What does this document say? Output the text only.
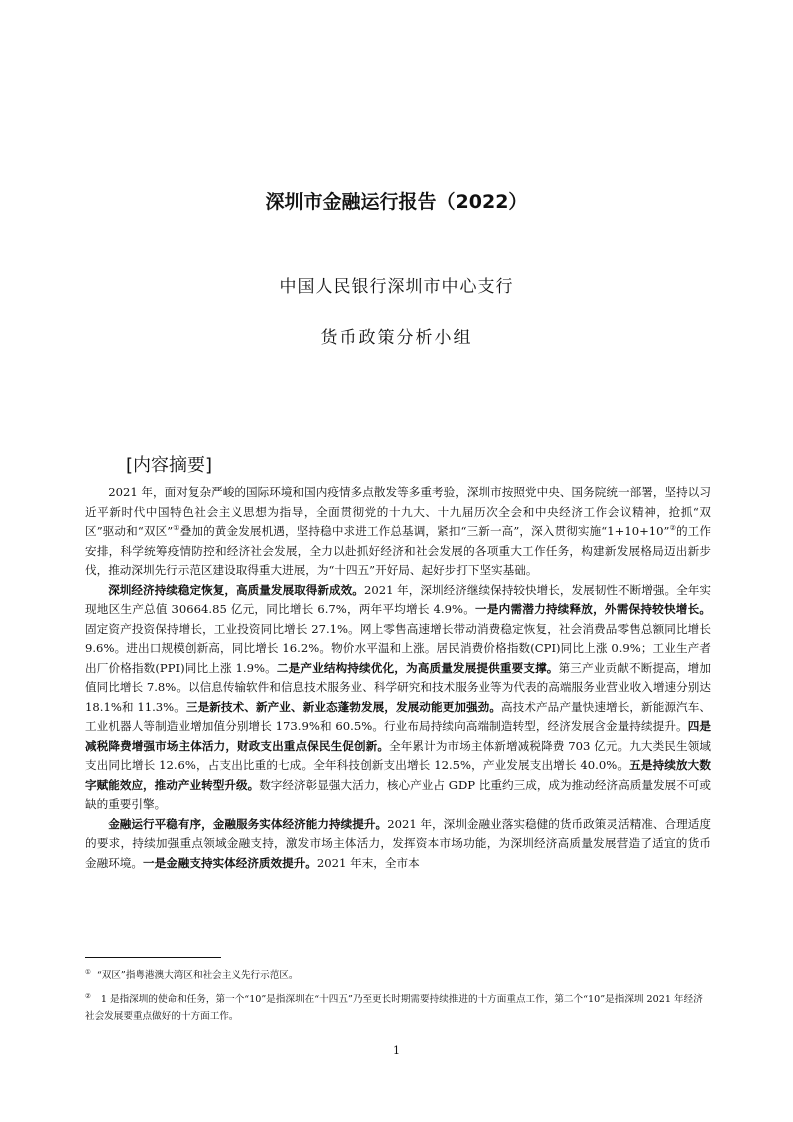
深圳市金融运行报告（2022）
中国人民银行深圳市中心支行
货币政策分析小组
[内容摘要]

2021 年，面对复杂严峻的国际环境和国内疫情多点散发等多重考验，深圳市按照党中央、国务院统一部署，坚持以习近平新时代中国特色社会主义思想为指导，全面贯彻党的十九大、十九届历次全会和中央经济工作会议精神，抢抓“双区”驱动和“双区”①叠加的黄金发展机遇，坚持稳中求进工作总基调，紧扣“三新一高”，深入贯彻实施“1+10+10”②的工作安排，科学统筹疫情防控和经济社会发展，全力以赴抓好经济和社会发展的各项重大工作任务，构建新发展格局迈出新步伐，推动深圳先行示范区建设取得重大进展，为“十四五”开好局、起好步打下坚实基础。

深圳经济持续稳定恢复，高质量发展取得新成效。2021 年，深圳经济继续保持较快增长，发展韧性不断增强。全年实现地区生产总值 30664.85 亿元，同比增长 6.7%，两年平均增长 4.9%。一是内需潜力持续释放，外需保持较快增长。固定资产投资保持增长，工业投资同比增长 27.1%。网上零售高速增长带动消费稳定恢复，社会消费品零售总额同比增长 9.6%。进出口规模创新高，同比增长 16.2%。物价水平温和上涨。居民消费价格指数(CPI)同比上涨 0.9%；工业生产者出厂价格指数(PPI)同比上涨 1.9%。二是产业结构持续优化，为高质量发展提供重要支撑。第三产业贡献不断提高，增加值同比增长 7.8%。以信息传输软件和信息技术服务业、科学研究和技术服务业等为代表的高端服务业营业收入增速分别达 18.1%和 11.3%。三是新技术、新产业、新业态蓬勃发展，发展动能更加强劲。高技术产品产量快速增长，新能源汽车、工业机器人等制造业增加值分别增长 173.9%和 60.5%。行业布局持续向高端制造转型，经济发展含金量持续提升。四是减税降费增强市场主体活力，财政支出重点保民生促创新。全年累计为市场主体新增减税降费 703 亿元。九大类民生领域支出同比增长 12.6%，占支出比重的七成。全年科技创新支出增长 12.5%，产业发展支出增长 40.0%。五是持续放大数字赋能效应，推动产业转型升级。数字经济彰显强大活力，核心产业占 GDP 比重约三成，成为推动经济高质量发展不可或缺的重要引擎。

金融运行平稳有序，金融服务实体经济能力持续提升。2021 年，深圳金融业落实稳健的货币政策灵活精准、合理适度的要求，持续加强重点领域金融支持，激发市场主体活力，发挥资本市场功能，为深圳经济高质量发展营造了适宜的货币金融环境。一是金融支持实体经济质效提升。2021 年末，全市本

① “双区”指粤港澳大湾区和社会主义先行示范区。
② 1 是指深圳的使命和任务，第一个“10”是指深圳在“十四五”乃至更长时期需要持续推进的十方面重点工作，第二个“10”是指深圳 2021 年经济社会发展要重点做好的十方面工作。
1
